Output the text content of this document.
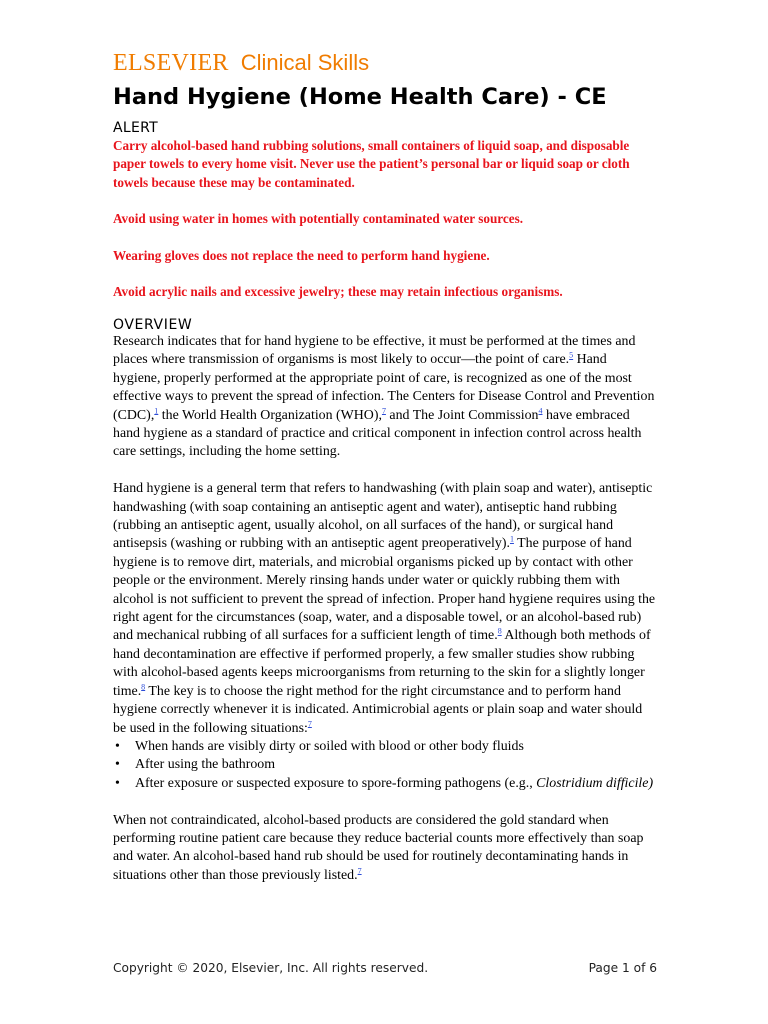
ELSEVIER Clinical Skills
Hand Hygiene (Home Health Care) - CE
ALERT

Carry alcohol-based hand rubbing solutions, small containers of liquid soap, and disposable paper towels to every home visit. Never use the patient’s personal bar or liquid soap or cloth towels because these may be contaminated.

Avoid using water in homes with potentially contaminated water sources.

Wearing gloves does not replace the need to perform hand hygiene.

Avoid acrylic nails and excessive jewelry; these may retain infectious organisms.

OVERVIEW

Research indicates that for hand hygiene to be effective, it must be performed at the times and places where transmission of organisms is most likely to occur—the point of care.$^5$ Hand hygiene, properly performed at the appropriate point of care, is recognized as one of the most effective ways to prevent the spread of infection. The Centers for Disease Control and Prevention (CDC),$^1$ the World Health Organization (WHO),$^7$ and The Joint Commission$^4$ have embraced hand hygiene as a standard of practice and critical component in infection control across health care settings, including the home setting.

Hand hygiene is a general term that refers to handwashing (with plain soap and water), antiseptic handwashing (with soap containing an antiseptic agent and water), antiseptic hand rubbing (rubbing an antiseptic agent, usually alcohol, on all surfaces of the hand), or surgical hand antisepsis (washing or rubbing with an antiseptic agent preoperatively).$^1$ The purpose of hand hygiene is to remove dirt, materials, and microbial organisms picked up by contact with other people or the environment. Merely rinsing hands under water or quickly rubbing them with alcohol is not sufficient to prevent the spread of infection. Proper hand hygiene requires using the right agent for the circumstances (soap, water, and a disposable towel, or an alcohol-based rub) and mechanical rubbing of all surfaces for a sufficient length of time.$^8$ Although both methods of hand decontamination are effective if performed properly, a few smaller studies show rubbing with alcohol-based agents keeps microorganisms from returning to the skin for a slightly longer time.$^8$ The key is to choose the right method for the right circumstance and to perform hand hygiene correctly whenever it is indicated. Antimicrobial agents or plain soap and water should be used in the following situations:$^7$

• When hands are visibly dirty or soiled with blood or other body fluids
• After using the bathroom
• After exposure or suspected exposure to spore-forming pathogens (e.g., Clostridium difficile)

When not contraindicated, alcohol-based products are considered the gold standard when performing routine patient care because they reduce bacterial counts more effectively than soap and water. An alcohol-based hand rub should be used for routinely decontaminating hands in situations other than those previously listed.$^7$

Copyright © 2020, Elsevier, Inc. All rights reserved.	Page 1 of 6
